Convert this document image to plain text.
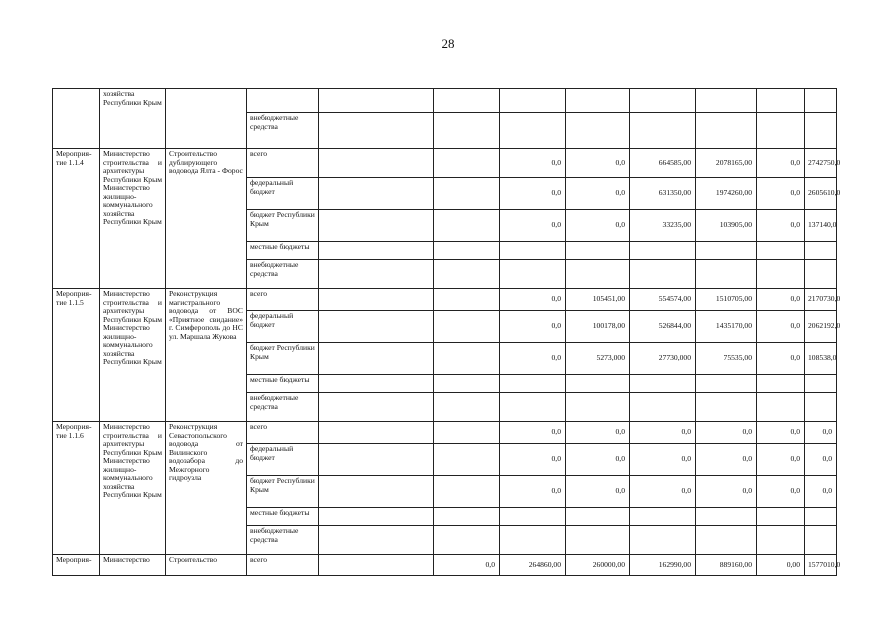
28
	хозяйства Республики Крым										
			внебюджетные средства								
Мероприя-тие 1.1.4	Министерство строительства и архитектуры Республики Крым Министерство жилищно-коммунального хозяйства Республики Крым	Строительство дублирующего водовода Ялта - Форос	всего			0,0	0,0	664585,00	2078165,00	0,0	2742750,0
			федеральный бюджет			0,0	0,0	631350,00	1974260,00	0,0	2605610,0
			бюджет Республики Крым			0,0	0,0	33235,00	103905,00	0,0	137140,0
			местные бюджеты								
			внебюджетные средства								
Мероприя-тие 1.1.5	Министерство строительства и архитектуры Республики Крым Министерство жилищно-коммунального хозяйства Республики Крым	Реконструкция магистрального водовода от ВОС «Приятное свидание» г. Симферополь до НС ул. Маршала Жукова	всего			0,0	105451,00	554574,00	1510705,00	0,0	2170730,0
			федеральный бюджет			0,0	100178,00	526844,00	1435170,00	0,0	2062192,0
			бюджет Республики Крым			0,0	5273,000	27730,000	75535,00	0,0	108538,0
			местные бюджеты								
			внебюджетные средства								
Мероприя-тие 1.1.6	Министерство строительства и архитектуры Республики Крым Министерство жилищно-коммунального хозяйства Республики Крым	Реконструкция Севастопольского водовода от Вилинского водозабора до Межгорного гидроузла	всего			0,0	0,0	0,0	0,0	0,0	0,0
			федеральный бюджет			0,0	0,0	0,0	0,0	0,0	0,0
			бюджет Республики Крым			0,0	0,0	0,0	0,0	0,0	0,0
			местные бюджеты								
			внебюджетные средства								
Мероприя-	Министерство	Строительство	всего		0,0	264860,00	260000,00	162990,00	889160,00	0,00	1577010,0
